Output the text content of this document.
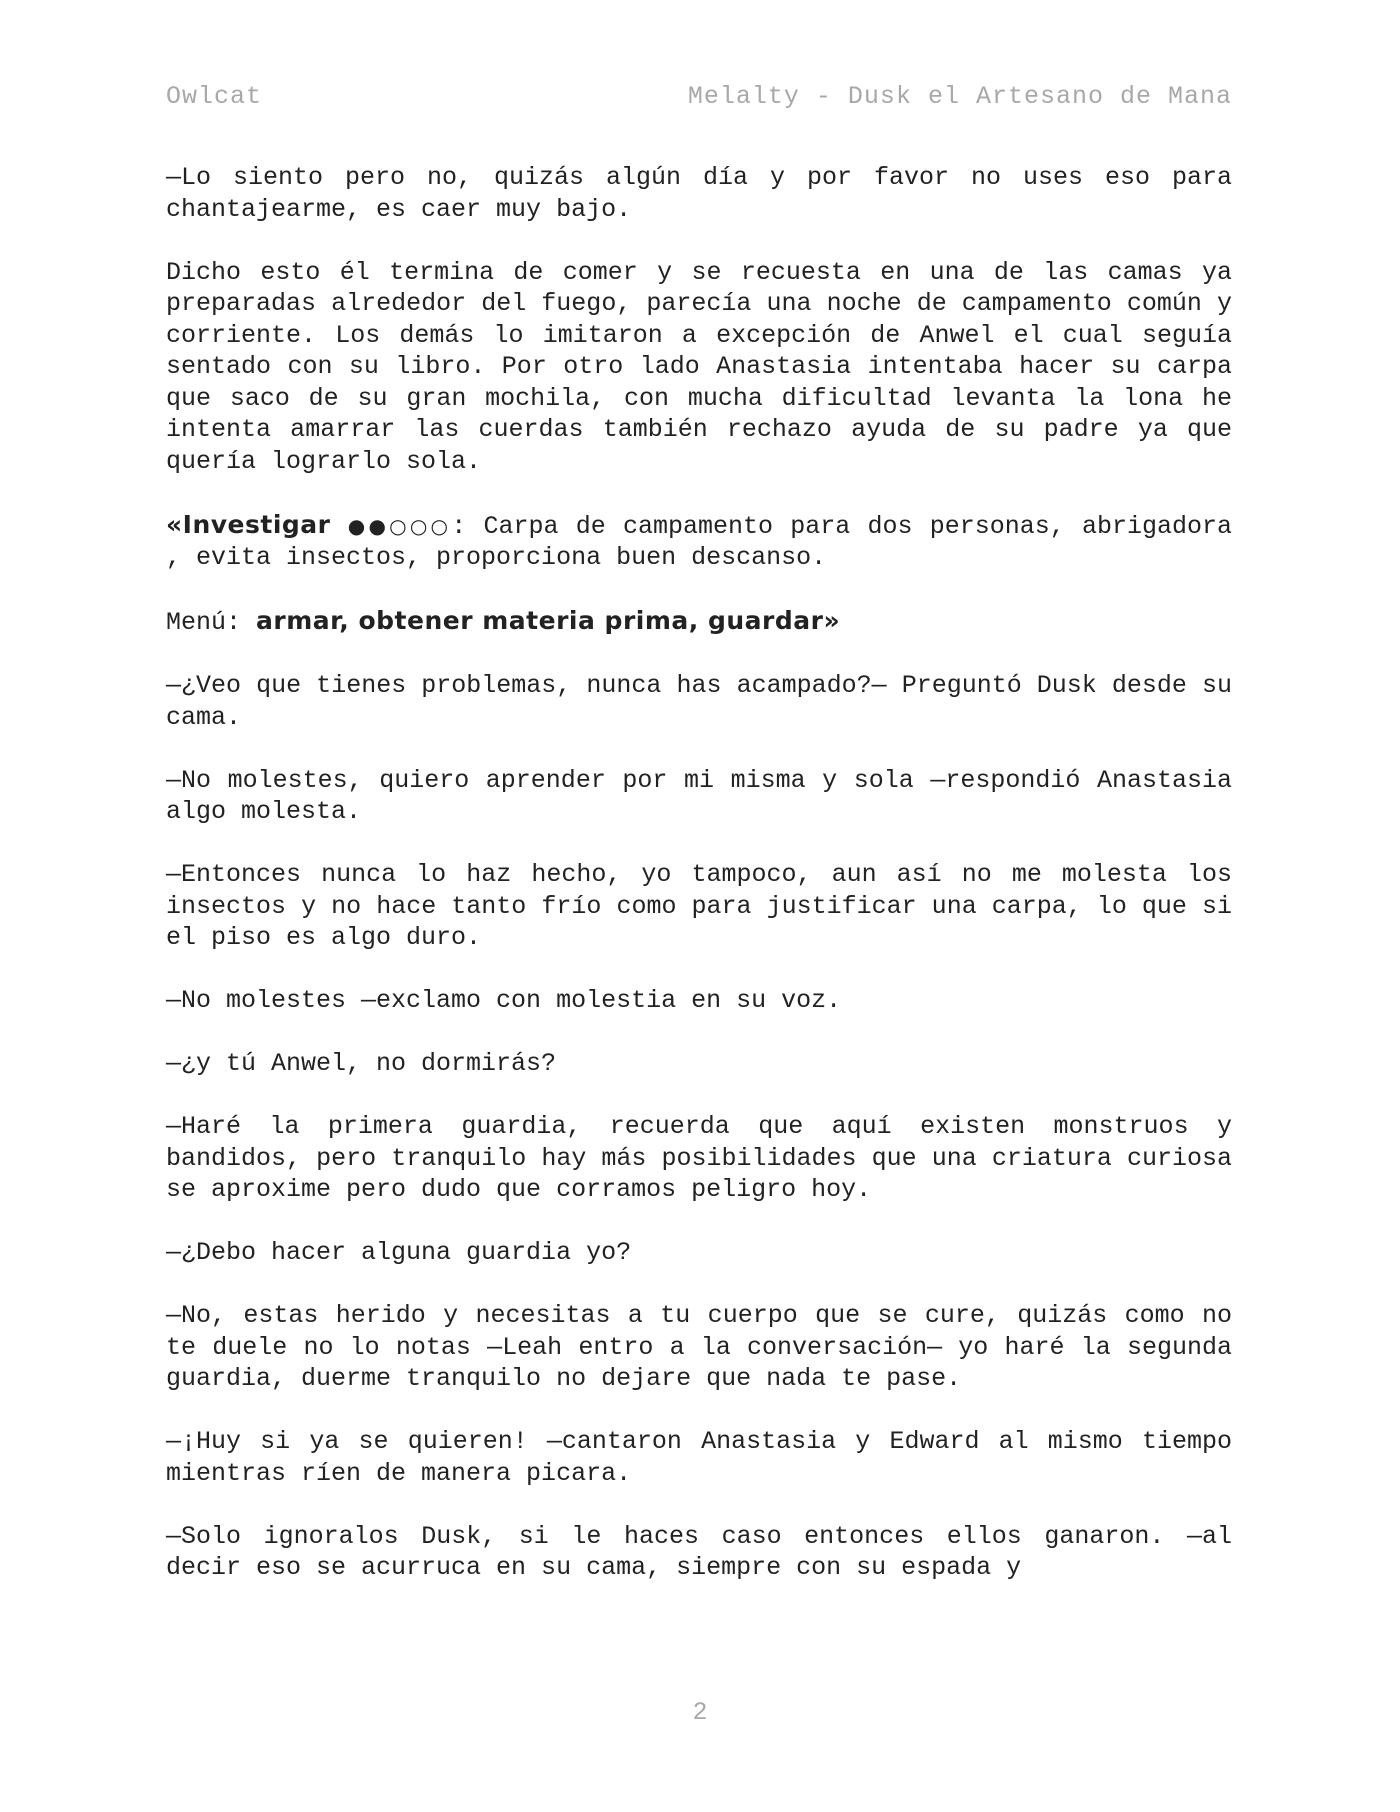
Owlcat	Melalty - Dusk el Artesano de Mana

—Lo siento pero no, quizás algún día y por favor no uses eso para chantajearme, es caer muy bajo.

Dicho esto él termina de comer y se recuesta en una de las camas ya preparadas alrededor del fuego, parecía una noche de campamento común y corriente. Los demás lo imitaron a excepción de Anwel el cual seguía sentado con su libro. Por otro lado Anastasia intentaba hacer su carpa que saco de su gran mochila, con mucha dificultad levanta la lona he intenta amarrar las cuerdas también rechazo ayuda de su padre ya que quería lograrlo sola.

«Investigar ●●○○○: Carpa de campamento para dos personas, abrigadora , evita insectos, proporciona buen descanso.

Menú: armar, obtener materia prima, guardar»

—¿Veo que tienes problemas, nunca has acampado?— Preguntó Dusk desde su cama.

—No molestes, quiero aprender por mi misma y sola —respondió Anastasia algo molesta.

—Entonces nunca lo haz hecho, yo tampoco, aun así no me molesta los insectos y no hace tanto frío como para justificar una carpa, lo que si el piso es algo duro.

—No molestes —exclamo con molestia en su voz.

—¿y tú Anwel, no dormirás?

—Haré la primera guardia, recuerda que aquí existen monstruos y bandidos, pero tranquilo hay más posibilidades que una criatura curiosa se aproxime pero dudo que corramos peligro hoy.

—¿Debo hacer alguna guardia yo?

—No, estas herido y necesitas a tu cuerpo que se cure, quizás como no te duele no lo notas —Leah entro a la conversación— yo haré la segunda guardia, duerme tranquilo no dejare que nada te pase.

—¡Huy si ya se quieren! —cantaron Anastasia y Edward al mismo tiempo mientras ríen de manera picara.

—Solo ignoralos Dusk, si le haces caso entonces ellos ganaron. —al decir eso se acurruca en su cama, siempre con su espada y

2
